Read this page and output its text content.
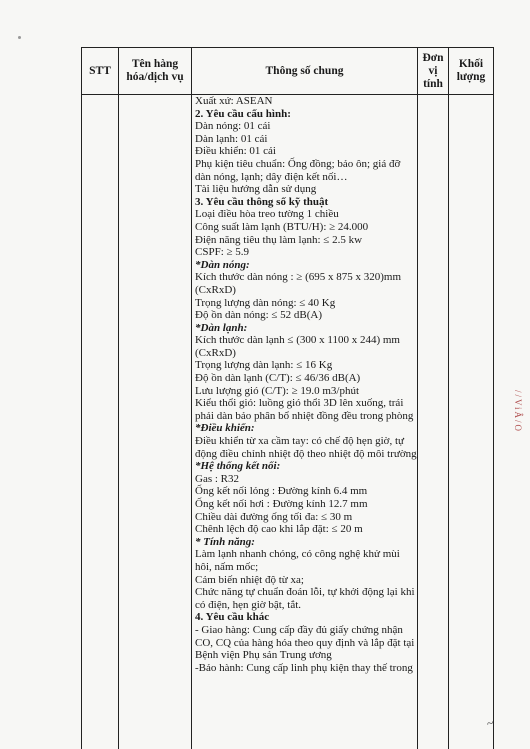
STT
Tên hàng
hóa/dịch vụ
Thông số chung
Đơn
vị
tính
Khối
lượng
Xuất xứ: ASEAN
2. Yêu cầu cấu hình:
Dàn nóng: 01 cái
Dàn lạnh: 01 cái
Điều khiển: 01 cái
Phụ kiện tiêu chuẩn: Ống đồng; bảo ôn; giá đỡ
dàn nóng, lạnh; dây điện kết nối…
Tài liệu hướng dẫn sử dụng
3. Yêu cầu thông số kỹ thuật
Loại điều hòa treo tường 1 chiều
Công suất làm lạnh (BTU/H): ≥ 24.000
Điện năng tiêu thụ làm lạnh: ≤ 2.5 kw
CSPF: ≥ 5.9
*Dàn nóng:
Kích thước dàn nóng : ≥ (695 x 875 x 320)mm
(CxRxD)
Trọng lượng dàn nóng: ≤ 40 Kg
Độ ồn dàn nóng: ≤ 52 dB(A)
*Dàn lạnh:
Kích thước dàn lạnh ≤ (300 x 1100 x 244) mm
(CxRxD)
Trọng lượng dàn lạnh: ≤ 16 Kg
Độ ồn dàn lạnh (C/T): ≤ 46/36 dB(A)
Lưu lượng gió (C/T): ≥ 19.0 m3/phút
Kiểu thổi gió: luồng gió thổi 3D lên xuống, trái
phải dàn bảo phân bổ nhiệt đồng đều trong phòng
*Điều khiển:
Điều khiển từ xa cầm tay: có chế độ hẹn giờ, tự
động điều chỉnh nhiệt độ theo nhiệt độ môi trường
*Hệ thống kết nối:
Gas : R32
Ống kết nối lỏng : Đường kính 6.4 mm
Ống kết nối hơi : Đường kính 12.7 mm
Chiều dài đường ống tối đa: ≤ 30 m
Chênh lệch độ cao khi lắp đặt: ≤ 20 m
* Tính năng:
Làm lạnh nhanh chóng, có công nghệ khử mùi
hôi, nấm mốc;
Cảm biến nhiệt độ từ xa;
Chức năng tự chuẩn đoán lỗi, tự khởi động lại khi
có điện, hẹn giờ bật, tắt.
4. Yêu cầu khác
- Giao hàng: Cung cấp đầy đủ giấy chứng nhận
CO, CQ của hàng hóa theo quy định và lắp đặt tại
Bệnh viện Phụ sản Trung ương
-Bảo hành: Cung cấp linh phụ kiện thay thế trong
//ViÂ/O
~
